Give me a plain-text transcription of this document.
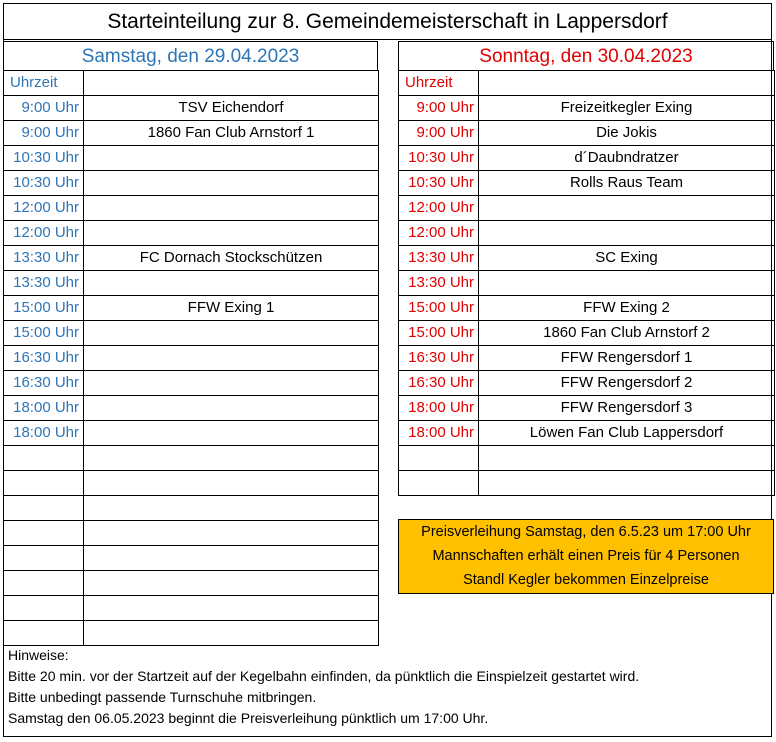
Starteinteilung zur 8. Gemeindemeisterschaft in Lappersdorf
Samstag, den 29.04.2023
Uhrzeit	
9:00 Uhr	TSV Eichendorf
9:00 Uhr	1860 Fan Club Arnstorf 1
10:30 Uhr	
10:30 Uhr	
12:00 Uhr	
12:00 Uhr	
13:30 Uhr	FC Dornach Stockschützen
13:30 Uhr	
15:00 Uhr	FFW Exing 1
15:00 Uhr	
16:30 Uhr	
16:30 Uhr	
18:00 Uhr	
18:00 Uhr	

Sonntag, den 30.04.2023
Uhrzeit	
9:00 Uhr	Freizeitkegler Exing
9:00 Uhr	Die Jokis
10:30 Uhr	d´Daubndratzer
10:30 Uhr	Rolls Raus Team
12:00 Uhr	
12:00 Uhr	
13:30 Uhr	SC Exing
13:30 Uhr	
15:00 Uhr	FFW Exing 2
15:00 Uhr	1860 Fan Club Arnstorf 2
16:30 Uhr	FFW Rengersdorf 1
16:30 Uhr	FFW Rengersdorf 2
18:00 Uhr	FFW Rengersdorf 3
18:00 Uhr	Löwen Fan Club Lappersdorf

Preisverleihung Samstag, den 6.5.23 um 17:00 Uhr
Mannschaften erhält einen Preis für 4 Personen
Standl Kegler bekommen Einzelpreise
Hinweise:
Bitte 20 min. vor der Startzeit auf der Kegelbahn einfinden, da pünktlich die Einspielzeit gestartet wird.
Bitte unbedingt passende Turnschuhe mitbringen.
Samstag den 06.05.2023 beginnt die Preisverleihung pünktlich um 17:00 Uhr.
